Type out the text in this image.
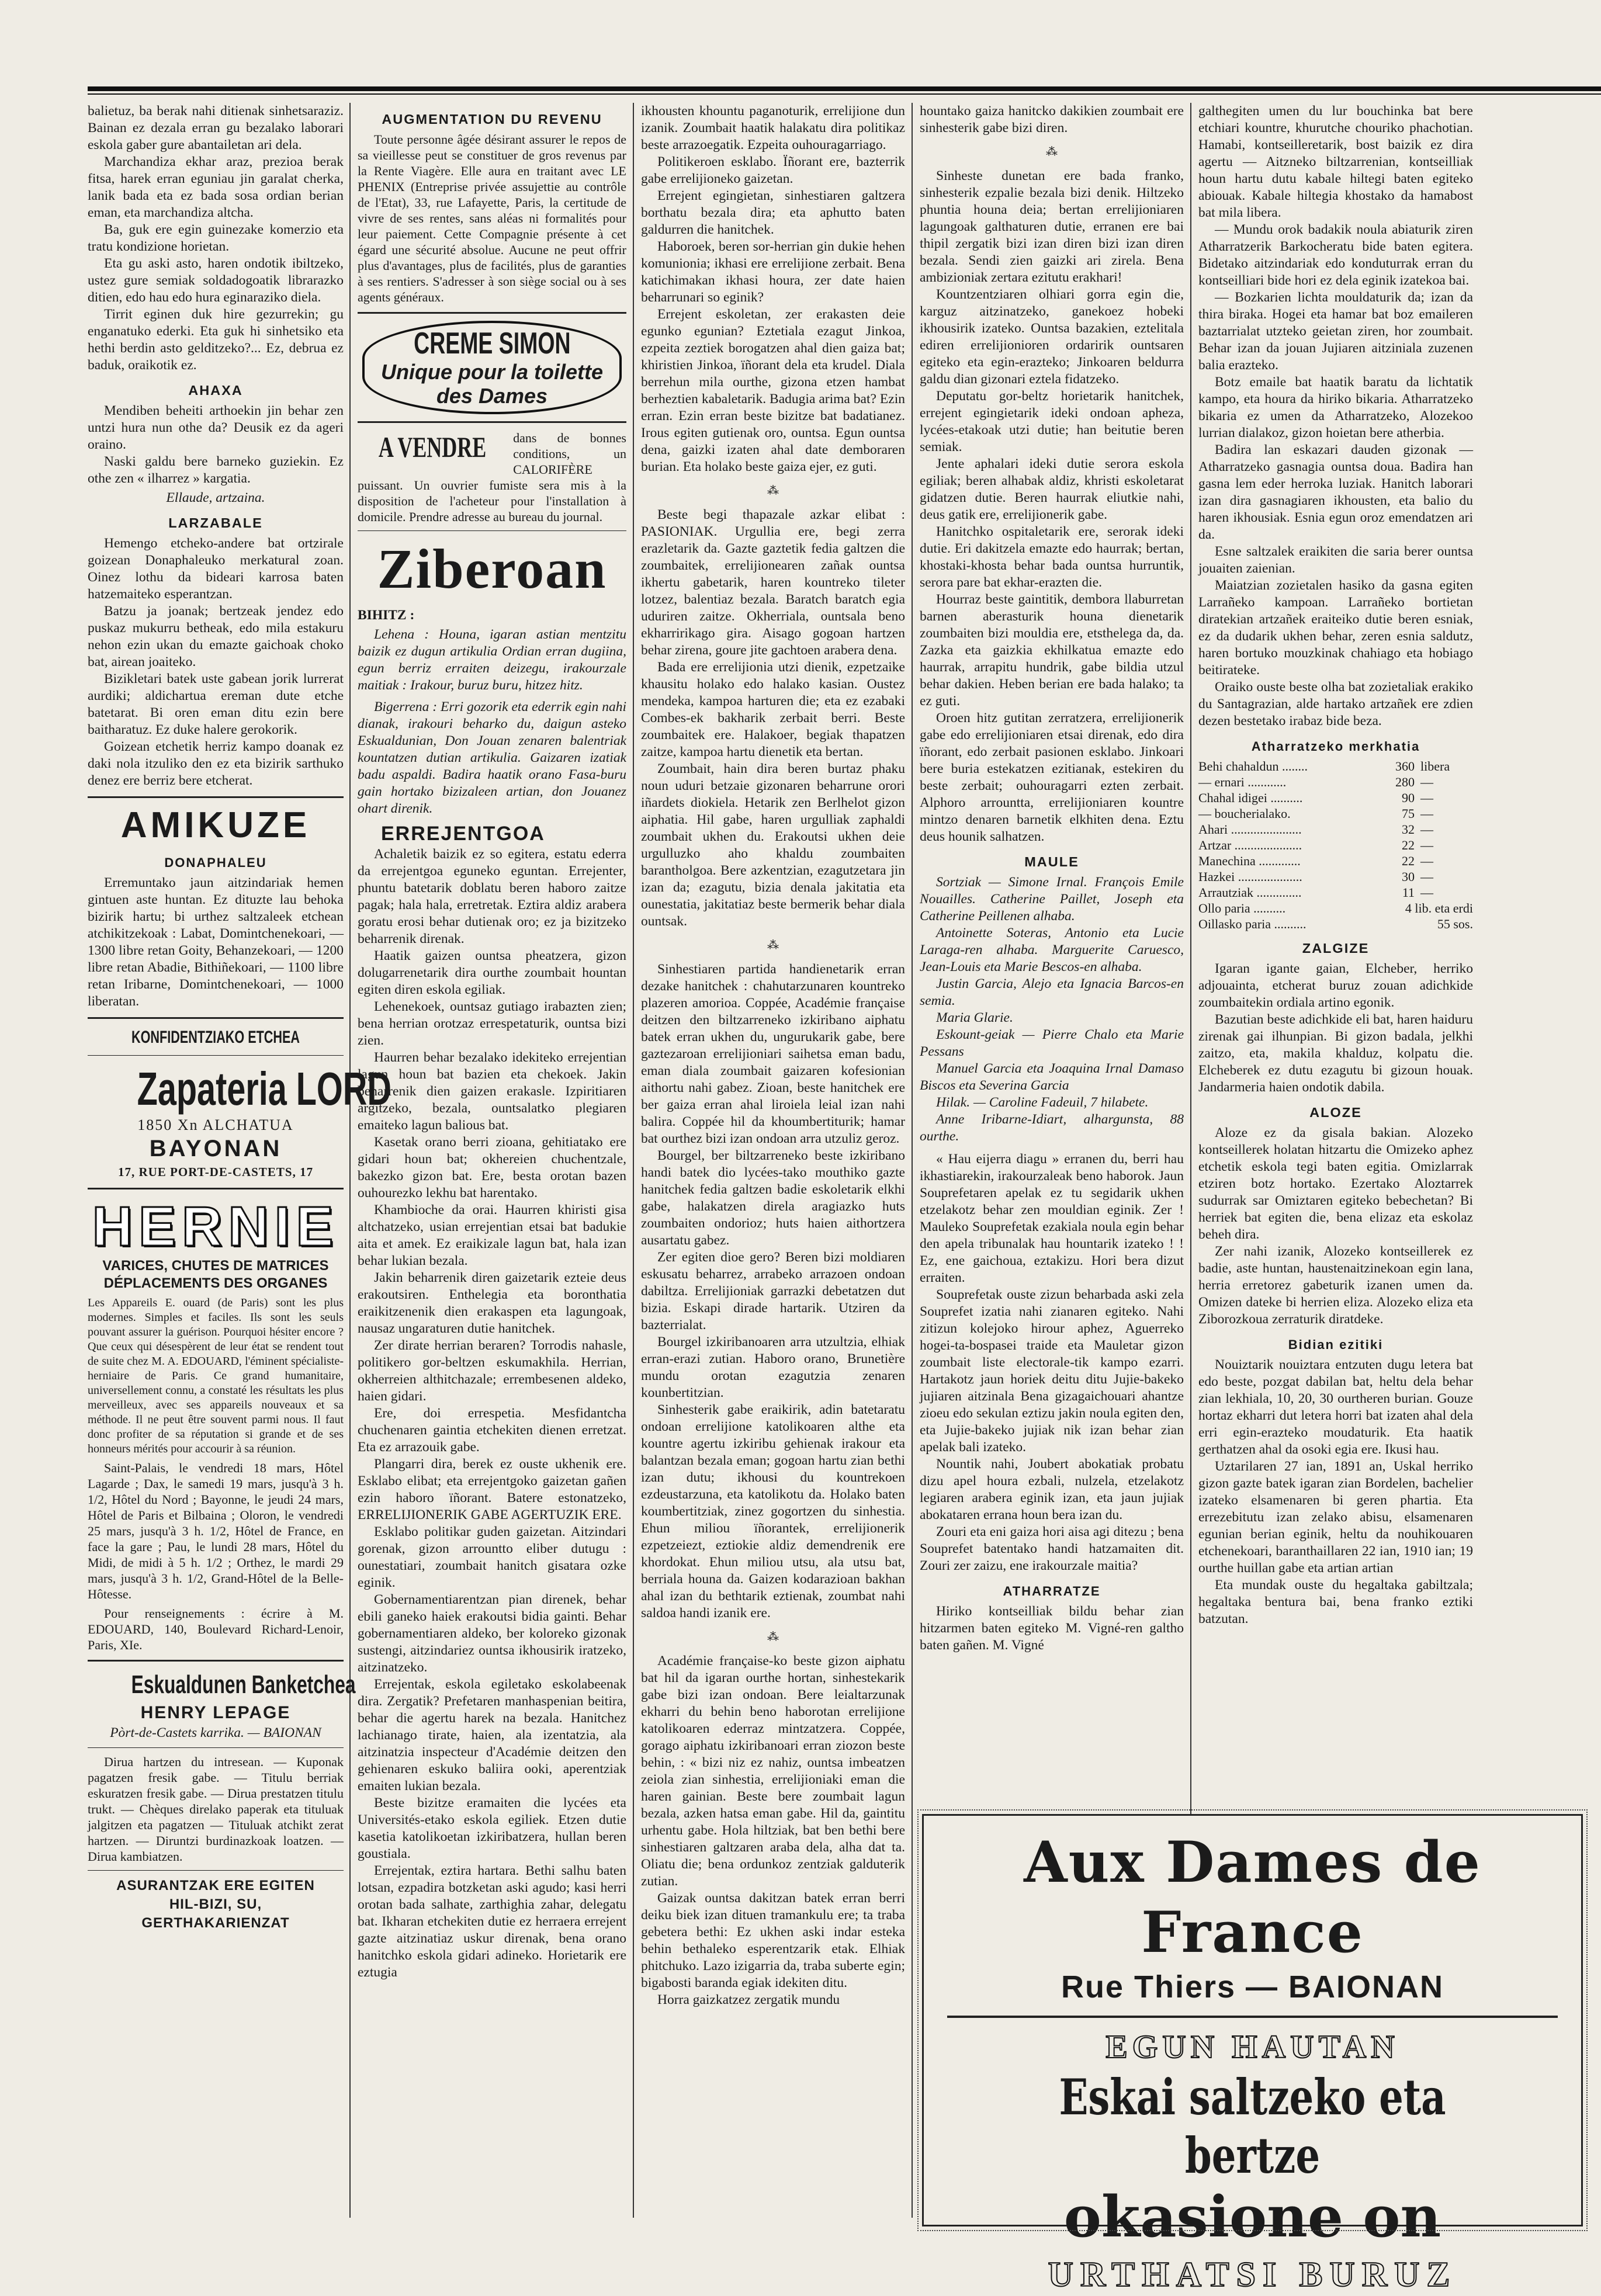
balietuz, ba berak nahi ditienak sinhetsaraziz. Bainan ez dezala erran gu bezalako laborari eskola gaber gure abantailetan ari dela.

Marchandiza ekhar araz, prezioa berak fitsa, harek erran eguniau jin garalat cherka, lanik bada eta ez bada sosa ordian berian eman, eta marchandiza altcha.

Ba, guk ere egin guinezake komerzio eta tratu kondizione horietan.

Eta gu aski asto, haren ondotik ibiltzeko, ustez gure semiak soldadogoatik librarazko ditien, edo hau edo hura eginaraziko diela.

Tirrit eginen duk hire gezurrekin; gu enganatuko ederki. Eta guk hi sinhetsiko eta hethi berdin asto gelditzeko?... Ez, debrua ez baduk, oraikotik ez.

AHAXA

Mendiben beheiti arthoekin jin behar zen untzi hura nun othe da? Deusik ez da ageri oraino.

Naski galdu bere barneko guziekin. Ez othe zen « ilharrez » kargatia.

Ellaude, artzaina.
LARZABALE

Hemengo etcheko-andere bat ortzirale goizean Donaphaleuko merkatural zoan. Oinez lothu da bideari karrosa baten hatzemaiteko esperantzan.

Batzu ja joanak; bertzeak jendez edo puskaz mukurru betheak, edo mila estakuru nehon ezin ukan du emazte gaichoak choko bat, airean joaiteko.

Bizikletari batek uste gabean jorik lurrerat aurdiki; aldichartua ereman dute etche batetarat. Bi oren eman ditu ezin bere baitharatuz. Ez duke halere gerokorik.

Goizean etchetik herriz kampo doanak ez daki nola itzuliko den ez eta bizirik sarthuko denez ere berriz bere etcherat.

AMIKUZE
DONAPHALEU

Erremuntako jaun aitzindariak hemen gintuen aste huntan. Ez dituzte lau behoka bizirik hartu; bi urthez saltzaleek etchean atchikitzekoak : Labat, Domintchenekoari, — 1300 libre retan Goity, Behanzekoari, — 1200 libre retan Abadie, Bithiñekoari, — 1100 libre retan Iribarne, Domintchenekoari, — 1000 liberatan.

KONFIDENTZIAKO ETCHEA
Zapateria LORD
1850 Xn ALCHATUA
BAYONAN
17, RUE PORT-DE-CASTETS, 17
HERNIE
VARICES, CHUTES DE MATRICES
DÉPLACEMENTS DES ORGANES

Les Appareils E. ouard (de Paris) sont les plus modernes. Simples et faciles. Ils sont les seuls pouvant assurer la guérison. Pourquoi hésiter encore ? Que ceux qui désespèrent de leur état se rendent tout de suite chez M. A. EDOUARD, l'éminent spécialiste-herniaire de Paris. Ce grand humanitaire, universellement connu, a constaté les résultats les plus merveilleux, avec ses appareils nouveaux et sa méthode. Il ne peut être souvent parmi nous. Il faut donc profiter de sa réputation si grande et de ses honneurs mérités pour accourir à sa réunion.

Saint-Palais, le vendredi 18 mars, Hôtel Lagarde ; Dax, le samedi 19 mars, jusqu'à 3 h. 1/2, Hôtel du Nord ; Bayonne, le jeudi 24 mars, Hôtel de Paris et Bilbaina ; Oloron, le vendredi 25 mars, jusqu'à 3 h. 1/2, Hôtel de France, en face la gare ; Pau, le lundi 28 mars, Hôtel du Midi, de midi à 5 h. 1/2 ; Orthez, le mardi 29 mars, jusqu'à 3 h. 1/2, Grand-Hôtel de la Belle-Hôtesse.

Pour renseignements : écrire à M. EDOUARD, 140, Boulevard Richard-Lenoir, Paris, XIe.

Eskualdunen Banketchea
HENRY LEPAGE
Pòrt-de-Castets karrika. — BAIONAN

Dirua hartzen du intresean. — Kuponak pagatzen fresik gabe. — Titulu berriak eskuratzen fresik gabe. — Dirua prestatzen titulu trukt. — Chèques direlako paperak eta tituluak jalgitzen eta pagatzen — Tituluak atchikt zerat hartzen. — Diruntzi burdinazkoak loatzen. — Dirua kambiatzen.

ASURANTZAK ERE EGITEN
HIL-BIZI, SU,
GERTHAKARIENZAT
AUGMENTATION DU REVENU

Toute personne âgée désirant assurer le repos de sa vieillesse peut se constituer de gros revenus par la Rente Viagère. Elle aura en traitant avec LE PHENIX (Entreprise privée assujettie au contrôle de l'Etat), 33, rue Lafayette, Paris, la certitude de vivre de ses rentes, sans aléas ni formalités pour leur paiement. Cette Compagnie présente à cet égard une sécurité absolue. Aucune ne peut offrir plus d'avantages, plus de facilités, plus de garanties à ses rentiers. S'adresser à son siège social ou à ses agents généraux.

CREME SIMON
Unique pour la toilette
des Dames
A VENDRE	dans de bonnes conditions, un CALORIFÈRE puissant. Un ouvrier fumiste sera mis à la disposition de l'acheteur pour l'installation à domicile. Prendre adresse au bureau du journal.

Ziberoan
BIHITZ :

Lehena : Houna, igaran astian mentzitu baizik ez dugun artikulia Ordian erran dugiina, egun berriz erraiten deizegu, irakourzale maitiak : Irakour, buruz buru, hitzez hitz.

Bigerrena : Erri gozorik eta ederrik egin nahi dianak, irakouri beharko du, daigun asteko Eskualdunian, Don Jouan zenaren balentriak kountatzen dutian artikulia. Gaizaren izatiak badu aspaldi. Badira haatik orano Fasa-buru gain hortako bizizaleen artian, don Jouanez ohart direnik.

ERREJENTGOA

Achaletik baizik ez so egitera, estatu ederra da errejentgoa eguneko eguntan. Errejenter, phuntu batetarik doblatu beren haboro zaitze pagak; hala hala, erretretak. Eztira aldiz arabera goratu erosi behar dutienak oro; ez ja bizitzeko beharrenik direnak.

Haatik gaizen ountsa pheatzera, gizon dolugarrenetarik dira ourthe zoumbait hountan egiten diren eskola egiliak.

Lehenekoek, ountsaz gutiago irabazten zien; bena herrian orotzaz errespetaturik, ountsa bizi zien.

Haurren behar bezalako idekiteko errejentian lagun houn bat bazien eta chekoek. Jakin beharrenik dien gaizen erakasle. Izpiritiaren argitzeko, bezala, ountsalatko plegiaren emaiteko lagun balious bat.

Kasetak orano berri zioana, gehitiatako ere gidari houn bat; okhereien chuchentzale, bakezko gizon bat. Ere, besta orotan bazen ouhourezko lekhu bat harentako.

Khambioche da orai. Haurren khiristi gisa altchatzeko, usian errejentian etsai bat badukie aita et amek. Ez eraikizale lagun bat, hala izan behar lukian bezala.

Jakin beharrenik diren gaizetarik ezteie deus erakoutsiren. Enthelegia eta boronthatia eraikitzenenik dien erakaspen eta lagungoak, nausaz ungaraturen dutie hanitchek.

Zer dirate herrian beraren? Torrodis nahasle, politikero gor-beltzen eskumakhila. Herrian, okherreien althitchazale; errembesenen aldeko, haien gidari.

Ere, doi errespetia. Mesfidantcha chuchenaren gaintia etchekiten dienen erretzat. Eta ez arrazouik gabe.

Plangarri dira, berek ez ouste ukhenik ere. Esklabo elibat; eta errejentgoko gaizetan gañen ezin haboro ïñorant. Batere estonatzeko, ERRELIJIONERIK GABE AGERTUZIK ERE.

Esklabo politikar guden gaizetan. Aitzindari gorenak, gizon arrountto eliber dutugu : ounestatiari, zoumbait hanitch gisatara ozke eginik.

Gobernamentiarentzan pian direnek, behar ebili ganeko haiek erakoutsi bidia gainti. Behar gobernamentiaren aldeko, ber koloreko gizonak sustengi, aitzindariez ountsa ikhousirik iratzeko, aitzinatzeko.

Errejentak, eskola egiletako eskolabeenak dira. Zergatik? Prefetaren manhaspenian beitira, behar die agertu harek na bezala. Hanitchez lachianago tirate, haien, ala izentatzia, ala aitzinatzia inspecteur d'Académie deitzen den gehienaren eskuko baliira ooki, aperentziak emaiten lukian bezala.

Beste bizitze eramaiten die lycées eta Universités-etako eskola egiliek. Etzen dutie kasetia katolikoetan izkiribatzera, hullan beren goustiala.

Errejentak, eztira hartara. Bethi salhu baten lotsan, ezpadira botzketan aski agudo; kasi herri orotan bada salhate, zarthighia zahar, delegatu bat. Ikharan etchekiten dutie ez herraera errejent gazte aitzinatiaz uskur direnak, bena orano hanitchko eskola gidari adineko. Horietarik ere eztugia

ikhousten khountu paganoturik, errelijione dun izanik. Zoumbait haatik halakatu dira politikaz beste arrazoegatik. Ezpeita ouhouragarriago.

Politikeroen esklabo. Ïñorant ere, bazterrik gabe errelijioneko gaizetan.

Errejent egingietan, sinhestiaren galtzera borthatu bezala dira; eta aphutto baten galdurren die hanitchek.

Haboroek, beren sor-herrian gin dukie hehen komunionia; ikhasi ere errelijione zerbait. Bena katichimakan ikhasi houra, zer date haien beharrunari so eginik?

Errejent eskoletan, zer erakasten deie egunko egunian? Eztetiala ezagut Jinkoa, ezpeita zeztiek borogatzen ahal dien gaiza bat; khiristien Jinkoa, ïñorant dela eta krudel. Diala berrehun mila ourthe, gizona etzen hambat berheztien kabaletarik. Badugia arima bat? Ezin erran. Ezin erran beste bizitze bat badatianez. Irous egiten gutienak oro, ountsa. Egun ountsa dena, gaizki izaten ahal date demboraren burian. Eta holako beste gaiza ejer, ez guti.

⁂

Beste begi thapazale azkar elibat : PASIONIAK. Urgullia ere, begi zerra erazletarik da. Gazte gaztetik fedia galtzen die zoumbaitek, errelijionearen zañak ountsa ikhertu gabetarik, haren kountreko tileter lotzez, balentiaz bezala. Baratch baratch egia uduriren zaitze. Okherriala, ountsala beno ekharririkago gira. Aisago gogoan hartzen behar zirena, goure jite gachtoen arabera dena.

Bada ere errelijionia utzi dienik, ezpetzaike khausitu holako edo halako kasian. Oustez mendeka, kampoa harturen die; eta ez ezabaki Combes-ek bakharik zerbait berri. Beste zoumbaitek ere. Halakoer, begiak thapatzen zaitze, kampoa hartu dienetik eta bertan.

Zoumbait, hain dira beren burtaz phaku noun uduri betzaie gizonaren beharrune orori iñardets diokiela. Hetarik zen Berlhelot gizon aiphatia. Hil gabe, haren urgulliak zaphaldi zoumbait ukhen du. Erakoutsi ukhen deie urgulluzko aho khaldu zoumbaiten barantholgoa. Bere azkentzian, ezagutzetara jin izan da; ezagutu, bizia denala jakitatia eta ounestatia, jakitatiaz beste bermerik behar diala ountsak.

⁂

Sinhestiaren partida handienetarik erran dezake hanitchek : chahutarzunaren kountreko plazeren amorioa. Coppée, Académie française deitzen den biltzarreneko izkiribano aiphatu batek erran ukhen du, ungurukarik gabe, bere gaztezaroan errelijioniari saihetsa eman badu, eman diala zoumbait gaizaren kofesionian aithortu nahi gabez. Zioan, beste hanitchek ere ber gaiza erran ahal liroiela leial izan nahi balira. Coppée hil da khoumbertiturik; hamar bat ourthez bizi izan ondoan arra utzuliz geroz.

Bourgel, ber biltzarreneko beste izkiribano handi batek dio lycées-tako mouthiko gazte hanitchek fedia galtzen badie eskoletarik elkhi gabe, halakatzen direla aragiazko huts zoumbaiten ondorioz; huts haien aithortzera ausartatu gabez.

Zer egiten dioe gero? Beren bizi moldiaren eskusatu beharrez, arrabeko arrazoen ondoan dabiltza. Errelijioniak garrazki debetatzen dut bizia. Eskapi dirade hartarik. Utziren da bazterrialat.

Bourgel izkiribanoaren arra utzultzia, elhiak erran-erazi zutian. Haboro orano, Brunetière mundu orotan ezagutzia zenaren kounbertitzian.

Sinhesterik gabe eraikirik, adin batetaratu ondoan errelijione katolikoaren althe eta kountre agertu izkiribu gehienak irakour eta balantzan bezala eman; gogoan hartu zian bethi izan dutu; ikhousi du kountrekoen ezdeustarzuna, eta katolikotu da. Holako baten koumbertitziak, zinez gogortzen du sinhestia. Ehun miliou ïñorantek, errelijionerik ezpetzeiezt, eztiokie aldiz demendrenik ere khordokat. Ehun miliou utsu, ala utsu bat, berriala houna da. Gaizen kodarazioan bakhan ahal izan du bethtarik eztienak, zoumbat nahi saldoa handi izanik ere.

⁂

Académie française-ko beste gizon aiphatu bat hil da igaran ourthe hortan, sinhestekarik gabe bizi izan ondoan. Bere leialtarzunak ekharri du behin beno haborotan errelijione katolikoaren ederraz mintzatzera. Coppée, gorago aiphatu izkiribanoari erran ziozon beste behin, : « bizi niz ez nahiz, ountsa imbeatzen zeiola zian sinhestia, errelijioniaki eman die haren gainian. Beste bere zoumbait lagun bezala, azken hatsa eman gabe. Hil da, gaintitu urhentu gabe. Hola hiltziak, bat ben bethi bere sinhestiaren galtzaren araba dela, alha dat ta. Oliatu die; bena ordunkoz zentziak galduterik zutian.

Gaizak ountsa dakitzan batek erran berri deiku biek izan dituen tramankulu ere; ta traba gebetera bethi: Ez ukhen aski indar esteka behin bethaleko esperentzarik etak. Elhiak phitchuko. Lazo izigarria da, traba suberte egin; bigabosti baranda egiak idekiten ditu.

Horra gaizkatzez zergatik mundu

hountako gaiza hanitcko dakikien zoumbait ere sinhesterik gabe bizi diren.

⁂

Sinheste dunetan ere bada franko, sinhesterik ezpalie bezala bizi denik. Hiltzeko phuntia houna deia; bertan errelijioniaren lagungoak galthaturen dutie, erranen ere bai thipil zergatik bizi izan diren bizi izan diren bezala. Sendi zien gaizki ari zirela. Bena ambizioniak zertara ezitutu erakhari!

Kountzentziaren olhiari gorra egin die, karguz aitzinatzeko, ganekoez hobeki ikhousirik izateko. Ountsa bazakien, eztelitala ediren errelijionioren ordaririk ountsaren egiteko eta egin-erazteko; Jinkoaren beldurra galdu dian gizonari eztela fidatzeko.

Deputatu gor-beltz horietarik hanitchek, errejent egingietarik ideki ondoan apheza, lycées-etakoak utzi dutie; han beitutie beren semiak.

Jente aphalari ideki dutie serora eskola egiliak; beren alhabak aldiz, khristi eskoletarat gidatzen dutie. Beren haurrak eliutkie nahi, deus gatik ere, errelijionerik gabe.

Hanitchko ospitaletarik ere, serorak ideki dutie. Eri dakitzela emazte edo haurrak; bertan, khostaki-khosta behar bada ountsa hurruntik, serora pare bat ekhar-erazten die.

Hourraz beste gaintitik, dembora llaburretan barnen aberasturik houna dienetarik zoumbaiten bizi mouldia ere, etsthelega da, da. Zazka eta gaizkia ekhilkatua emazte edo haurrak, arrapitu hundrik, gabe bildia utzul behar dakien. Heben berian ere bada halako; ta ez guti.

Oroen hitz gutitan zerratzera, errelijionerik gabe edo errelijioniaren etsai direnak, edo dira ïñorant, edo zerbait pasionen esklabo. Jinkoari bere buria estekatzen ezitianak, estekiren du beste zerbait; ouhouragarri ezten zerbait. Alphoro arrountta, errelijioniaren kountre mintzo denaren barnetik elkhiten dena. Eztu deus hounik salhatzen.

MAULE

Sortziak — Simone Irnal. François Emile Nouailles. Catherine Paillet, Joseph eta Catherine Peillenen alhaba.

Antoinette Soteras, Antonio eta Lucie Laraga-ren alhaba. Marguerite Caruesco, Jean-Louis eta Marie Bescos-en alhaba.

Justin Garcia, Alejo eta Ignacia Barcos-en semia.

Maria Glarie.

Eskount-geiak — Pierre Chalo eta Marie Pessans

Manuel Garcia eta Joaquina Irnal Damaso Biscos eta Severina Garcia

Hilak. — Caroline Fadeuil, 7 hilabete.

Anne Iribarne-Idiart, alhargunsta, 88 ourthe.

« Hau eijerra diagu » erranen du, berri hau ikhastiarekin, irakourzaleak beno haborok. Jaun Souprefetaren apelak ez tu segidarik ukhen etzelakotz behar zen mouldian eginik. Zer ! Mauleko Souprefetak ezakiala noula egin behar den apela tribunalak hau hountarik izateko ! ! Ez, ene gaichoua, eztakizu. Hori bera dizut erraiten.

Souprefetak ouste zizun beharbada aski zela Souprefet izatia nahi zianaren egiteko. Nahi zitizun kolejoko hirour aphez, Aguerreko hogei-ta-bospasei traide eta Mauletar gizon zoumbait liste electorale-tik kampo ezarri. Hartakotz jaun horiek deitu ditu Jujie-bakeko jujiaren aitzinala Bena gizagaichouari ahantze zioeu edo sekulan eztizu jakin noula egiten den, eta Jujie-bakeko jujiak nik izan behar zian apelak bali izateko.

Nountik nahi, Joubert abokatiak probatu dizu apel houra ezbali, nulzela, etzelakotz legiaren araberа eginik izan, eta jaun jujiak abokataren errana houn bera izan du.

Zouri eta eni gaiza hori aisa agi ditezu ; bena Souprefet batentako handi hatzamaiten dit. Zouri zer zaizu, ene irakourzale maitia?

ATHARRATZE

Hiriko kontseilliak bildu behar zian hitzarmen baten egiteko M. Vigné-ren galtho baten gañen. M. Vigné

galthegiten umen du lur bouchinka bat bere etchiari kountre, khurutche chouriko phachotian. Hamabi, kontseilleretarik, bost baizik ez dira agertu — Aitzneko biltzarrenian, kontseilliak houn hartu dutu kabale hiltegi baten egiteko abiouak. Kabale hiltegia khostako da hamabost bat mila libera.

— Mundu orok badakik noula abiaturik ziren Atharratzerik Barkocheratu bide baten egitera. Bidetako aitzindariak edo konduturrak erran du kontseilliari bide hori ez dela eginik izatekoa bai.

— Bozkarien lichta mouldaturik da; izan da thira biraka. Hogei eta hamar bat boz emaileren baztarrialat utzteko geietan ziren, hor zoumbait. Behar izan da jouan Jujiaren aitziniala zuzenen balia erazteko.

Botz emaile bat haatik baratu da lichtatik kampo, eta houra da hiriko bikaria. Atharratzeko bikaria ez umen da Atharratzeko, Alozekoo lurrian dialakoz, gizon hoietan bere atherbia.

Badira lan eskazari dauden gizonak — Atharratzeko gasnagia ountsa doua. Badira han gasna lem eder herroka luziak. Hanitch laborari izan dira gasnagiaren ikhousten, eta balio du haren ikhousiak. Esnia egun oroz emendatzen ari da.

Esne saltzalek eraikiten die saria berer ountsa jouaiten zaienian.

Maiatzian zozietalen hasiko da gasna egiten Larrañeko kampoan. Larrañeko bortietan diratekian artzañek eraiteiko dutie beren esniak, ez da dudarik ukhen behar, zeren esnia saldutz, haren bortuko mouzkinak chahiago eta hobiago beitirateke.

Oraiko ouste beste olha bat zozietaliak erakiko du Santagrazian, alde hartako artzañek ere zdien dezen bestetako irabaz bide beza.

Atharratzeko merkhatia
Behi chahaldun ........	360	libera
— ernari ............	280	—
Chahal idigei ..........	90	—
— boucheriаlako.	75	—
Ahari ......................	32	—
Artzar .....................	22	—
Manechina .............	22	—
Hazkei ....................	30	—
Arrautziak ..............	11	—
Ollo paria ..........	4 lib. eta erdi
Oillasko paria ..........	55 sos.
ZALGIZE

Igaran igante gaian, Elcheber, herriko adjouainta, etcherat buruz zouan adichkide zoumbaitekin ordiala artino egonik.

Bazutian beste adichkide eli bat, haren haiduru zirenak gai ilhunpian. Bi gizon badala, jelkhi zaitzo, eta, makila khalduz, kolpatu die. Elcheberek ez dutu ezagutu bi gizoun houak. Jandarmeria haien ondotik dabila.

ALOZE

Aloze ez da gisala bakian. Alozeko kontseillerek holatan hitzartu die Omizeko aphez etchetik eskola tegi baten egitia. Omizlarrak etziren botz hortako. Ezertako Aloztarrek sudurrak sar Omiztaren egiteko bebechetan? Bi herriek bat egiten die, bena elizaz eta eskolaz beheh dira.

Zer nahi izanik, Alozeko kontseillerek ez badie, aste huntan, haustenaitzinekoan egin lana, herria erretorez gabeturik izanen umen da. Omizen dateke bi herrien eliza. Alozeko eliza eta Ziborozkoua zerraturik diratdeke.

Bidian ezitiki

Nouiztarik nouiztara entzuten dugu letera bat edo beste, pozgat dabilan bat, heltu dela behar zian lekhiala, 10, 20, 30 ourtheren burian. Gouze hortaz ekharri dut letera horri bat izaten ahal dela erri egin-eraztеko moudaturik. Eta haatik gerthatzen ahal da osoki egia ere. Ikusi hau.

Uztarilaren 27 ian, 1891 an, Uskal herriko gizon gazte batek igaran zian Bordelen, bachelier izateko elsamenaren bi geren phartia. Eta errezebitutu izan zelako abisu, elsamenaren egunian berian eginik, heltu da nouhikouaren etchenekoari, baranthaillaren 22 ian, 1910 ian; 19 ourthe huillan gabe eta artian artian

Eta mundak ouste du hegaltaka gabiltzala; hegaltaka bentura bai, bena franko eztiki batzutan.

Aux Dames de France
Rue Thiers — BAIONAN
EGUN HAUTAN
Eskai saltzeko eta bertze
okasione on
URTHATSI BURUZ
